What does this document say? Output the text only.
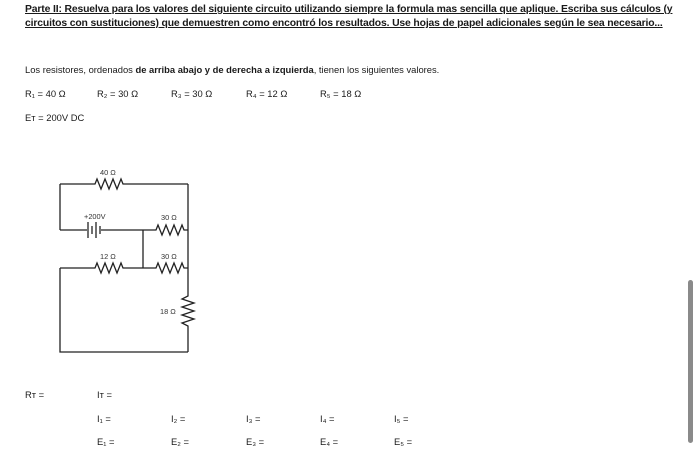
Parte II: Resuelva para los valores del siguiente circuito utilizando siempre la formula mas sencilla que aplique. Escriba sus cálculos (y circuitos con sustituciones) que demuestren como encontró los resultados. Use hojas de papel adicionales según le sea necesario...
Los resistores, ordenados de arriba abajo y de derecha a izquierda, tienen los siguientes valores.
R₁ = 40 Ω	R₂ = 30 Ω	R₃ = 30 Ω	R₄ = 12 Ω	R₅ = 18 Ω
Eᴛ = 200V DC
40 Ω
+200V	30 Ω
12 Ω	30 Ω
18 Ω
Rᴛ =	Iᴛ =
I₁ =	I₂ =	I₃ =	I₄ =	I₅ =
E₁ =	E₂ =	E₃ =	E₄ =	E₅ =
